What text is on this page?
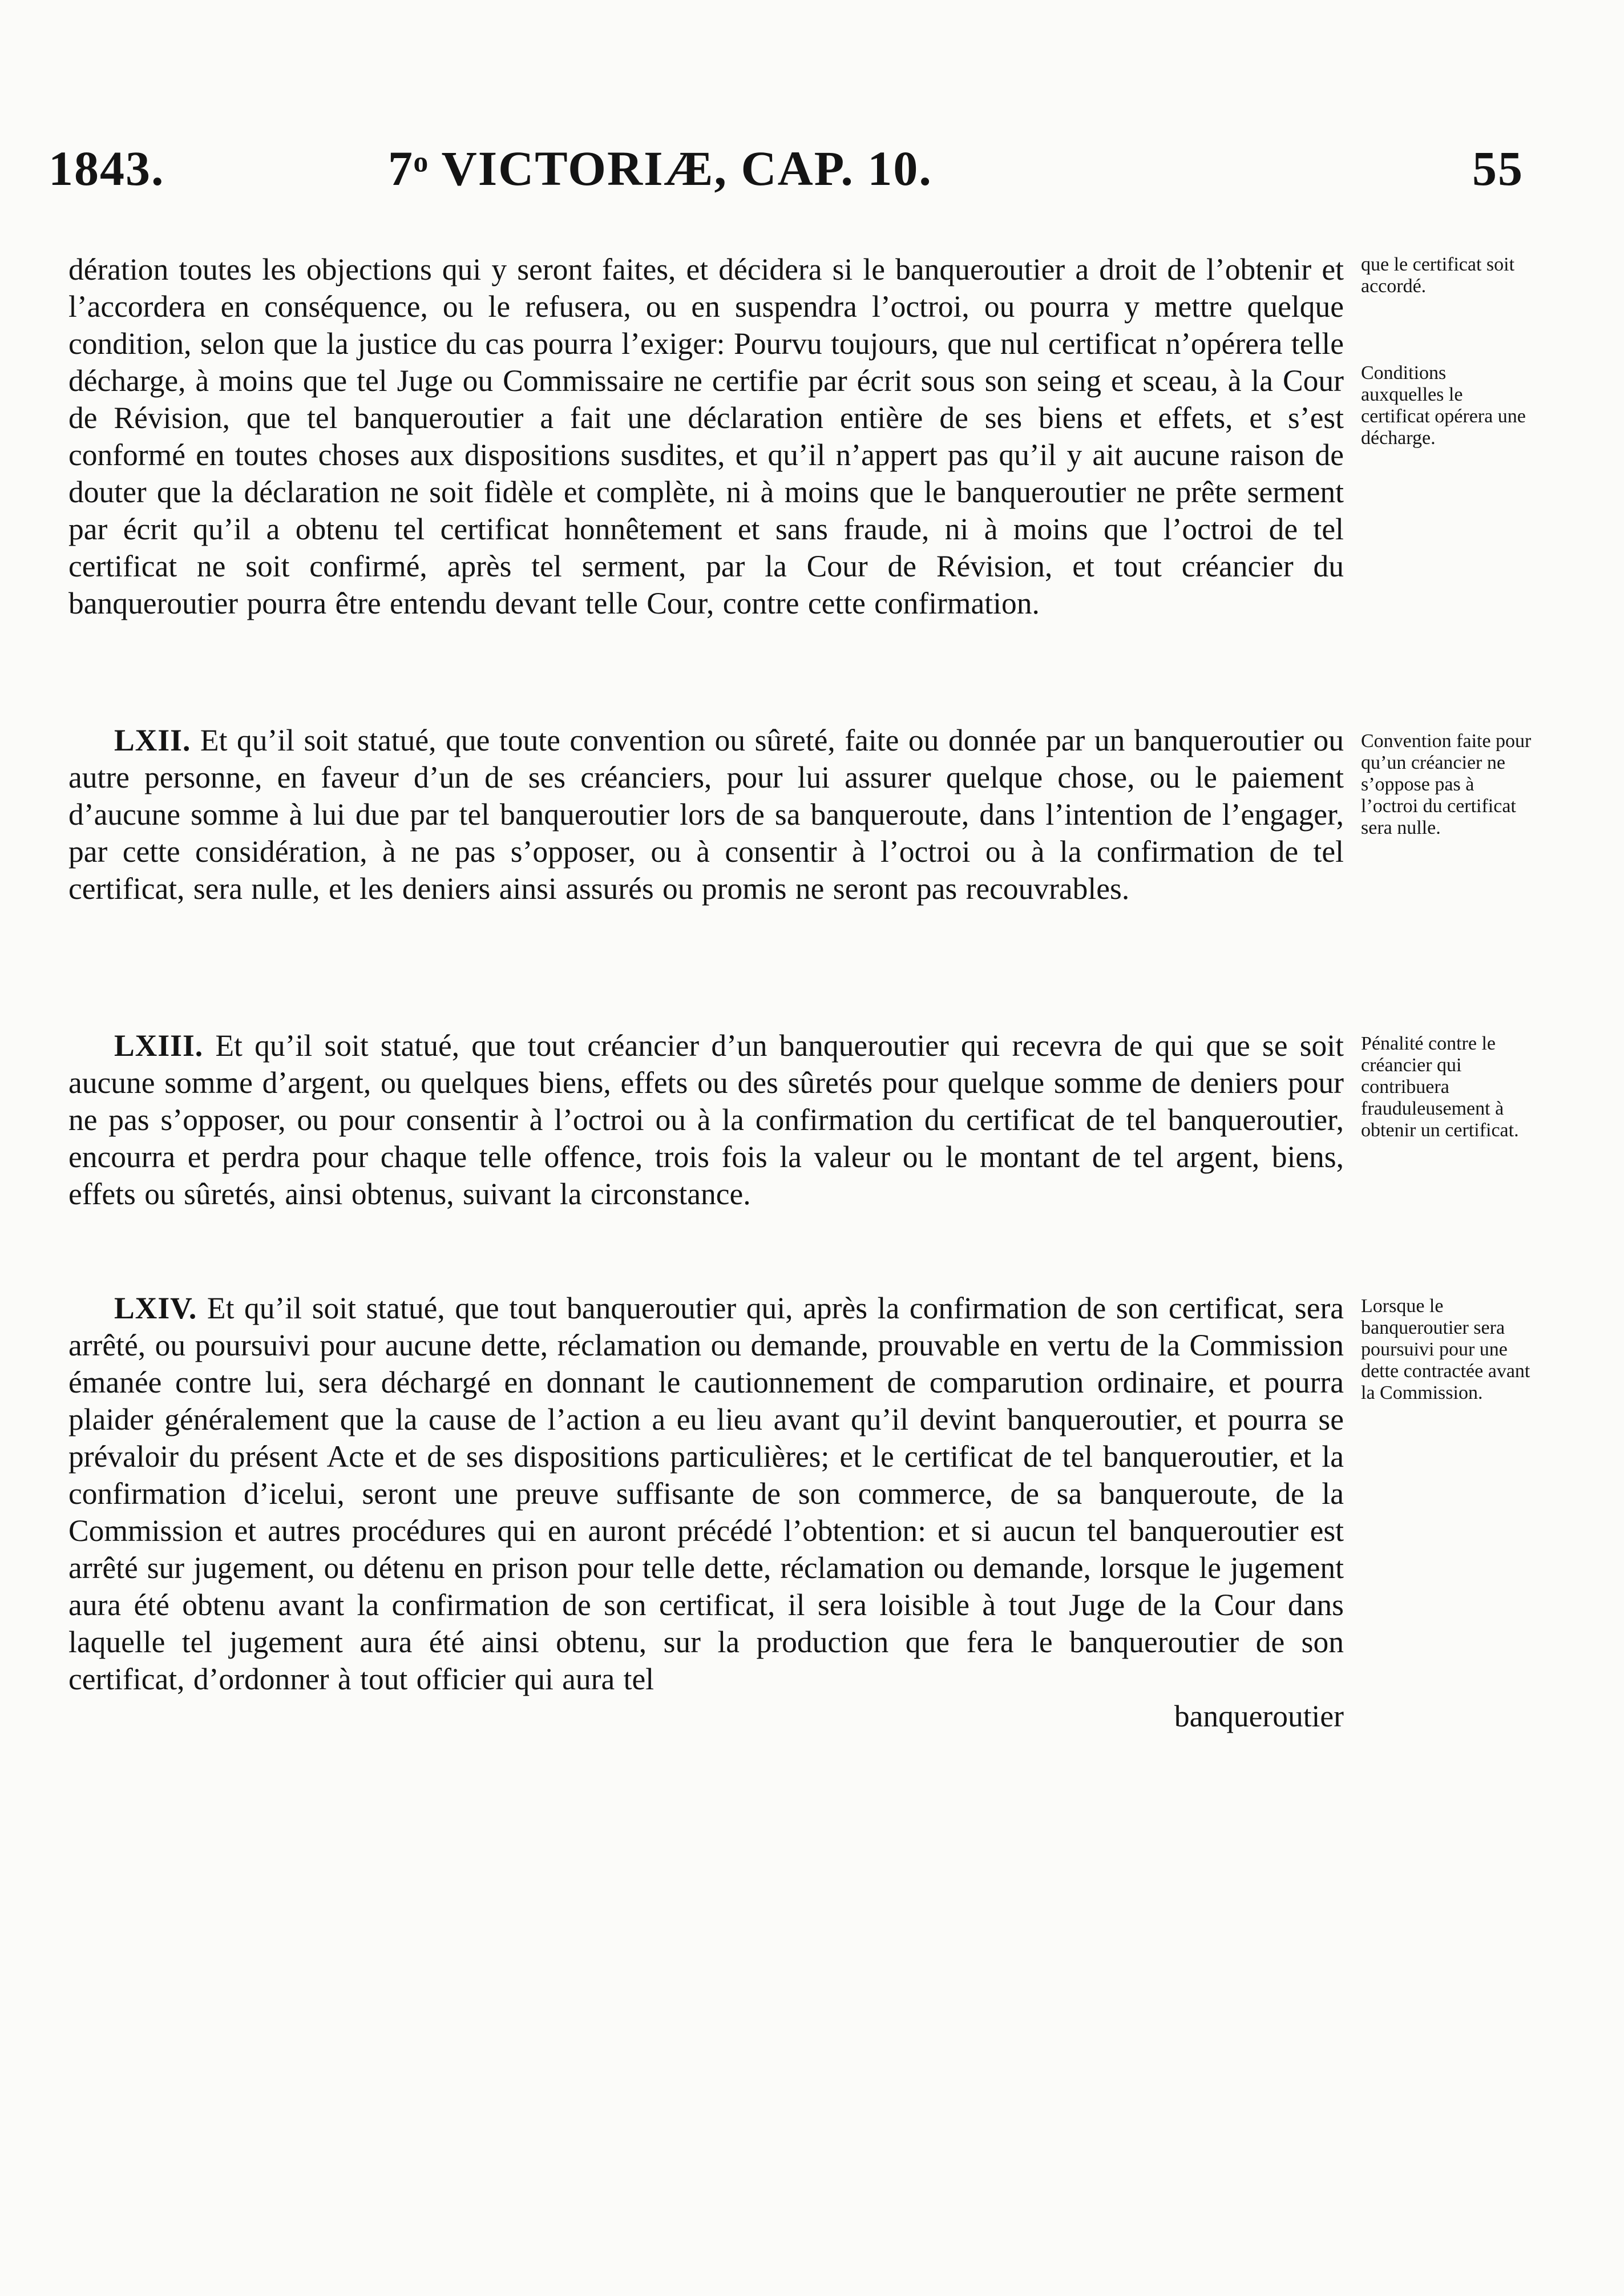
1843.	7ᵒ VICTORIÆ, CAP. 10.	55

dération toutes les objections qui y seront faites, et décidera si le banqueroutier a droit de l’obtenir et l’accordera en conséquence, ou le refusera, ou en suspendra l’octroi, ou pourra y mettre quelque condition, selon que la justice du cas pourra l’exiger: Pourvu toujours, que nul certificat n’opérera telle décharge, à moins que tel Juge ou Commissaire ne certifie par écrit sous son seing et sceau, à la Cour de Révision, que tel banqueroutier a fait une déclaration entière de ses biens et effets, et s’est conformé en toutes choses aux dispositions susdites, et qu’il n’appert pas qu’il y ait aucune raison de douter que la déclaration ne soit fidèle et complète, ni à moins que le banqueroutier ne prête serment par écrit qu’il a obtenu tel certificat honnêtement et sans fraude, ni à moins que l’octroi de tel certificat ne soit confirmé, après tel serment, par la Cour de Révision, et tout créancier du banqueroutier pourra être entendu devant telle Cour, contre cette confirmation.

LXII. Et qu’il soit statué, que toute convention ou sûreté, faite ou donnée par un banqueroutier ou autre personne, en faveur d’un de ses créanciers, pour lui assurer quelque chose, ou le paiement d’aucune somme à lui due par tel banqueroutier lors de sa banqueroute, dans l’intention de l’engager, par cette considération, à ne pas s’opposer, ou à consentir à l’octroi ou à la confirmation de tel certificat, sera nulle, et les deniers ainsi assurés ou promis ne seront pas recouvrables.

LXIII. Et qu’il soit statué, que tout créancier d’un banqueroutier qui recevra de qui que se soit aucune somme d’argent, ou quelques biens, effets ou des sûretés pour quelque somme de deniers pour ne pas s’opposer, ou pour consentir à l’octroi ou à la confirmation du certificat de tel banqueroutier, encourra et perdra pour chaque telle offence, trois fois la valeur ou le montant de tel argent, biens, effets ou sûretés, ainsi obtenus, suivant la circonstance.

LXIV. Et qu’il soit statué, que tout banqueroutier qui, après la confirmation de son certificat, sera arrêté, ou poursuivi pour aucune dette, réclamation ou demande, prouvable en vertu de la Commission émanée contre lui, sera déchargé en donnant le cautionnement de comparution ordinaire, et pourra plaider généralement que la cause de l’action a eu lieu avant qu’il devint banqueroutier, et pourra se prévaloir du présent Acte et de ses dispositions particulières; et le certificat de tel banqueroutier, et la confirmation d’icelui, seront une preuve suffisante de son commerce, de sa banqueroute, de la Commission et autres procédures qui en auront précédé l’obtention: et si aucun tel banqueroutier est arrêté sur jugement, ou détenu en prison pour telle dette, réclamation ou demande, lorsque le jugement aura été obtenu avant la confirmation de son certificat, il sera loisible à tout Juge de la Cour dans laquelle tel jugement aura été ainsi obtenu, sur la production que fera le banqueroutier de son certificat, d’ordonner à tout officier qui aura tel

banqueroutier

que le certificat soit accordé.

Conditions auxquelles le certificat opérera une décharge.

Convention faite pour qu’un créancier ne s’oppose pas à l’octroi du certificat sera nulle.

Pénalité contre le créancier qui contribuera frauduleusement à obtenir un certificat.

Lorsque le banqueroutier sera poursuivi pour une dette contractée avant la Commission.
